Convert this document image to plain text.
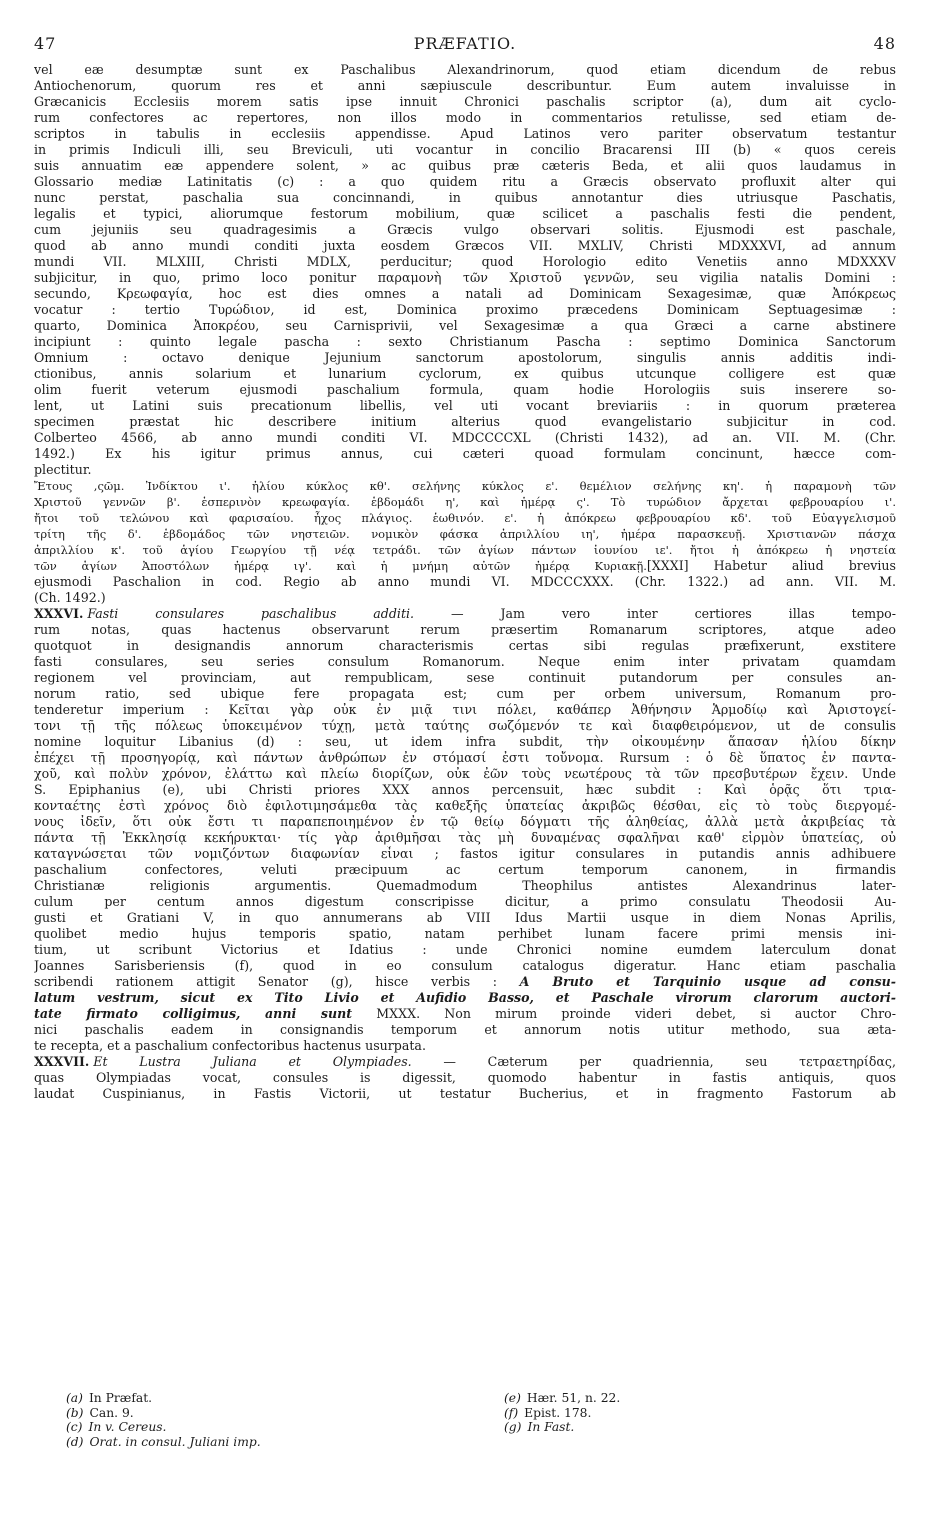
47	PRÆFATIO.	48
vel eæ desumptæ sunt ex Paschalibus Alexandrinorum, quod etiam dicendum de rebus
Antiochenorum, quorum res et anni sæpiuscule describuntur. Eum autem invaluisse in
Græcanicis Ecclesiis morem satis ipse innuit Chronici paschalis scriptor (a), dum ait cyclo-
rum confectores ac repertores, non illos modo in commentarios retulisse, sed etiam de-
scriptos in tabulis in ecclesiis appendisse. Apud Latinos vero pariter observatum testantur
in primis Indiculi illi, seu Breviculi, uti vocantur in concilio Bracarensi III (b) « quos cereis
suis annuatim eæ appendere solent, » ac quibus præ cæteris Beda, et alii quos laudamus in
Glossario mediæ Latinitatis (c) : a quo quidem ritu a Græcis observato profluxit alter qui
nunc perstat, paschalia sua concinnandi, in quibus annotantur dies utriusque Paschatis,
legalis et typici, aliorumque festorum mobilium, quæ scilicet a paschalis festi die pendent,
cum jejuniis seu quadragesimis a Græcis vulgo observari solitis. Ejusmodi est paschale,
quod ab anno mundi conditi juxta eosdem Græcos VII. MXLIV, Christi MDXXXVI, ad annum
mundi VII. MLXIII, Christi MDLX, perducitur; quod Horologio edito Venetiis anno MDXXXV
subjicitur, in quo, primo loco ponitur παραμονὴ τῶν Χριστοῦ γεννῶν, seu vigilia natalis Domini :
secundo, Κρεωφαγία, hoc est dies omnes a natali ad Dominicam Sexagesimæ, quæ Ἀπόκρεως
vocatur : tertio Τυρώδιον, id est, Dominica proximo præcedens Dominicam Septuagesimæ :
quarto, Dominica Ἀποκρέου, seu Carnisprivii, vel Sexagesimæ a qua Græci a carne abstinere
incipiunt : quinto legale pascha : sexto Christianum Pascha : septimo Dominica Sanctorum
Omnium : octavo denique Jejunium sanctorum apostolorum, singulis annis additis indi-
ctionibus, annis solarium et lunarium cyclorum, ex quibus utcunque colligere est quæ
olim fuerit veterum ejusmodi paschalium formula, quam hodie Horologiis suis inserere so-
lent, ut Latini suis precationum libellis, vel uti vocant breviariis : in quorum præterea
specimen præstat hic describere initium alterius quod evangelistario subjicitur in cod.
Colberteo 4566, ab anno mundi conditi VI. MDCCCCXL (Christi 1432), ad an. VII. M. (Chr.
1492.) Ex his igitur primus annus, cui cæteri quoad formulam concinunt, hæcce com-
plectitur.
Ἔτους ,ςῶμ. Ἰνδίκτου ι'. ἡλίου κύκλος κθ'. σελήνης κύκλος ε'. θεμέλιον σελήνης κη'. ἡ παραμονὴ τῶν
Χριστοῦ γεννῶν β'. ἑσπερινὸν κρεωφαγία. ἑβδομάδι η', καὶ ἡμέρᾳ ς'. Τὸ τυρώδιον ἄρχεται φεβρουαρίου ι'.
ἤτοι τοῦ τελώνου καὶ φαρισαίου. ἦχος πλάγιος. ἑωθινόν. ε'. ἡ ἀπόκρεω φεβρουαρίου κδ'. τοῦ Εὐαγγελισμοῦ
τρίτη τῆς δ'. ἑβδομάδος τῶν νηστειῶν. νομικὸν φάσκα ἀπριλλίου ιη', ἡμέρα παρασκευῇ. Χριστιανῶν πάσχα
ἀπριλλίου κ'. τοῦ ἁγίου Γεωργίου τῇ νέᾳ τετράδι. τῶν ἁγίων πάντων ἰουνίου ιε'. ἤτοι ἡ ἀπόκρεω ἡ νηστεία
τῶν ἁγίων Ἀποστόλων ἡμέρᾳ ιγ'. καὶ ἡ μνήμη αὐτῶν ἡμέρᾳ Κυριακῇ.[XXXI] Habetur aliud brevius
ejusmodi Paschalion in cod. Regio ab anno mundi VI. MDCCCXXX. (Chr. 1322.) ad ann. VII. M.
(Ch. 1492.)
XXXVI. Fasti consulares paschalibus additi. — Jam vero inter certiores illas tempo-
rum notas, quas hactenus observarunt rerum præsertim Romanarum scriptores, atque adeo
quotquot in designandis annorum characterismis certas sibi regulas præfixerunt, exstitere
fasti consulares, seu series consulum Romanorum. Neque enim inter privatam quamdam
regionem vel provinciam, aut rempublicam, sese continuit putandorum per consules an-
norum ratio, sed ubique fere propagata est; cum per orbem universum, Romanum pro-
tenderetur imperium : Κεῖται γὰρ οὐκ ἐν μιᾷ τινι πόλει, καθάπερ Ἀθήνησιν Ἁρμοδίῳ καὶ Ἀριστογεί-
τονι τῇ τῆς πόλεως ὑποκειμένον τύχῃ, μετὰ ταύτης σωζόμενόν τε καὶ διαφθειρόμενον, ut de consulis
nomine loquitur Libanius (d) : seu, ut idem infra subdit, τὴν οἰκουμένην ἅπασαν ἡλίου δίκην
ἐπέχει τῇ προσηγορίᾳ, καὶ πάντων ἀνθρώπων ἐν στόμασί ἐστι τοὔνομα. Rursum : ὁ δὲ ὕπατος ἐν παντα-
χοῦ, καὶ πολὺν χρόνον, ἐλάττω καὶ πλείω διορίζων, οὐκ ἐῶν τοὺς νεωτέρους τὰ τῶν πρεσβυτέρων ἔχειν. Unde
S. Epiphanius (e), ubi Christi priores XXX annos percensuit, hæc subdit : Καὶ ὁρᾷς ὅτι τρια-
κονταέτης ἐστὶ χρόνος διὸ ἐφιλοτιμησάμεθα τὰς καθεξῆς ὑπατείας ἀκριβῶς θέσθαι, εἰς τὸ τοὺς διεργομέ-
νους ἰδεῖν, ὅτι οὐκ ἔστι τι παραπεποιημένον ἐν τῷ θείῳ δόγματι τῆς ἀληθείας, ἀλλὰ μετὰ ἀκριβείας τὰ
πάντα τῇ Ἐκκλησίᾳ κεκήρυκται· τίς γὰρ ἀριθμῆσαι τὰς μὴ δυναμένας σφαλῆναι καθ' εἱρμὸν ὑπατείας, οὐ
καταγνώσεται τῶν νομιζόντων διαφωνίαν εἶναι ; fastos igitur consulares in putandis annis adhibuere
paschalium confectores, veluti præcipuum ac certum temporum canonem, in firmandis
Christianæ religionis argumentis. Quemadmodum Theophilus antistes Alexandrinus later-
culum per centum annos digestum conscripisse dicitur, a primo consulatu Theodosii Au-
gusti et Gratiani V, in quo annumerans ab VIII Idus Martii usque in diem Nonas Aprilis,
quolibet medio hujus temporis spatio, natam perhibet lunam facere primi mensis ini-
tium, ut scribunt Victorius et Idatius : unde Chronici nomine eumdem laterculum donat
Joannes Sarisberiensis (f), quod in eo consulum catalogus digeratur. Hanc etiam paschalia
scribendi rationem attigit Senator (g), hisce verbis : A Bruto et Tarquinio usque ad consu-
latum vestrum, sicut ex Tito Livio et Aufidio Basso, et Paschale virorum clarorum auctori-
tate firmato colligimus, anni sunt MXXX. Non mirum proinde videri debet, si auctor Chro-
nici paschalis eadem in consignandis temporum et annorum notis utitur methodo, sua æta-
te recepta, et a paschalium confectoribus hactenus usurpata.
XXXVII. Et Lustra Juliana et Olympiades. — Cæterum per quadriennia, seu τετραετηρίδας,
quas Olympiadas vocat, consules is digessit, quomodo habentur in fastis antiquis, quos
laudat Cuspinianus, in Fastis Victorii, ut testatur Bucherius, et in fragmento Fastorum ab
(a) In Præfat.
(b) Can. 9.
(c) In v. Cereus.
(d) Orat. in consul. Juliani imp.
(e) Hær. 51, n. 22.
(f) Epist. 178.
(g) In Fast.
